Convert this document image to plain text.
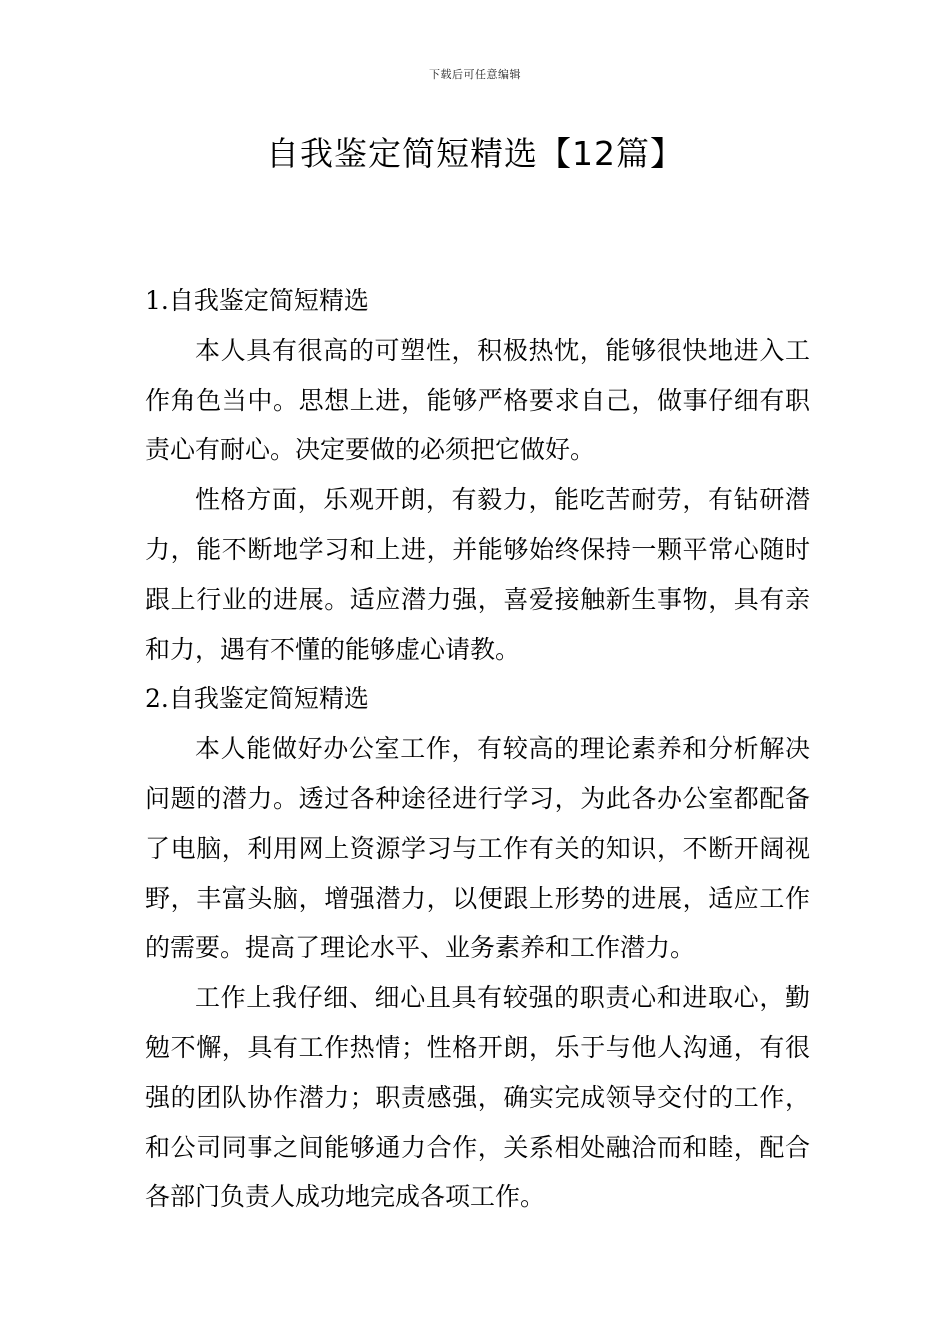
下载后可任意编辑
自我鉴定简短精选【12篇】

1.自我鉴定简短精选

本人具有很高的可塑性，积极热忱，能够很快地进入工作角色当中。思想上进，能够严格要求自己，做事仔细有职责心有耐心。决定要做的必须把它做好。

性格方面，乐观开朗，有毅力，能吃苦耐劳，有钻研潜力，能不断地学习和上进，并能够始终保持一颗平常心随时跟上行业的进展。适应潜力强，喜爱接触新生事物，具有亲和力，遇有不懂的能够虚心请教。

2.自我鉴定简短精选

本人能做好办公室工作，有较高的理论素养和分析解决问题的潜力。透过各种途径进行学习，为此各办公室都配备了电脑，利用网上资源学习与工作有关的知识，不断开阔视野，丰富头脑，增强潜力，以便跟上形势的进展，适应工作的需要。提高了理论水平、业务素养和工作潜力。

工作上我仔细、细心且具有较强的职责心和进取心，勤勉不懈，具有工作热情；性格开朗，乐于与他人沟通，有很强的团队协作潜力；职责感强，确实完成领导交付的工作，和公司同事之间能够通力合作，关系相处融洽而和睦，配合各部门负责人成功地完成各项工作。
